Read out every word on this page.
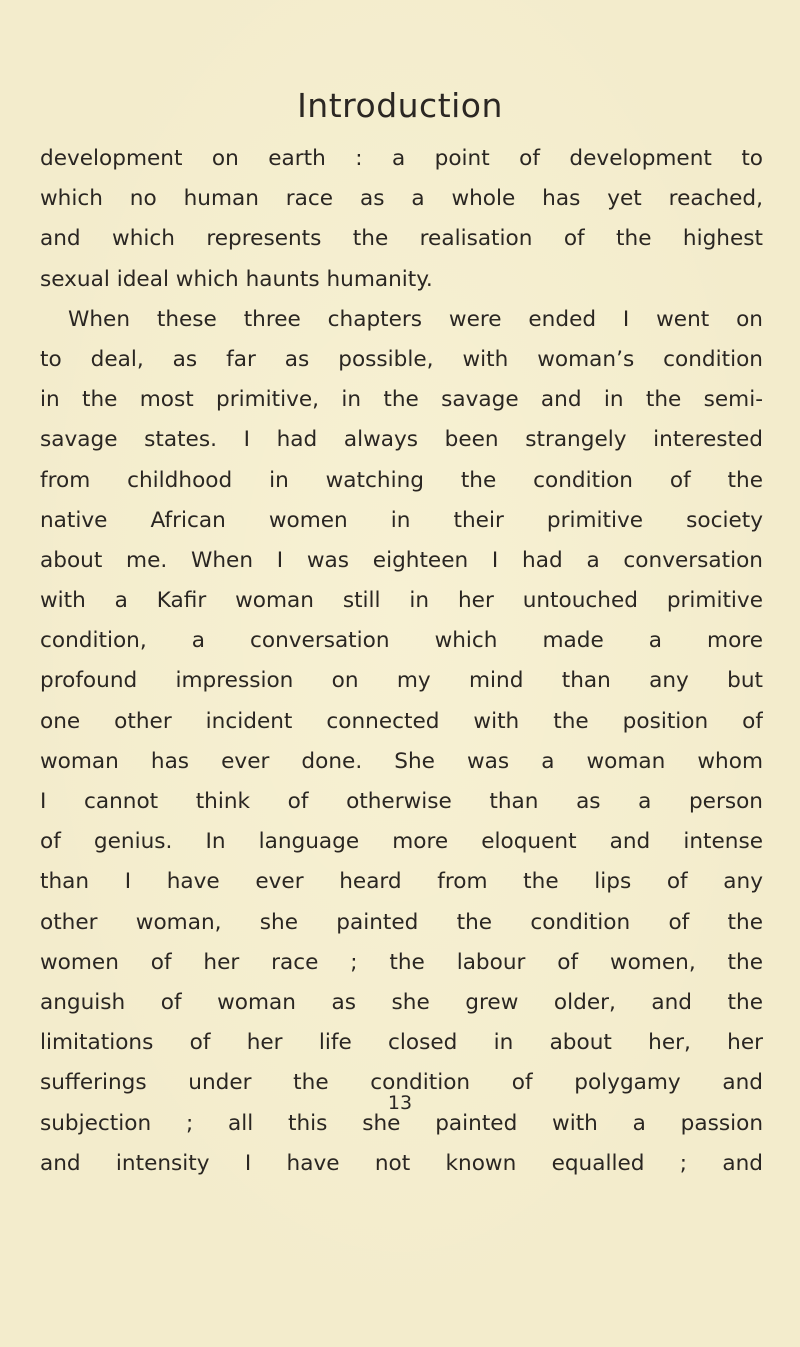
Introduction
development on earth : a point of development to
which no human race as a whole has yet reached,
and which represents the realisation of the highest
sexual ideal which haunts humanity.
When these three chapters were ended I went on
to deal, as far as possible, with woman’s condition
in the most primitive, in the savage and in the semi-
savage states. I had always been strangely interested
from childhood in watching the condition of the
native African women in their primitive society
about me. When I was eighteen I had a conversation
with a Kafir woman still in her untouched primitive
condition, a conversation which made a more
profound impression on my mind than any but
one other incident connected with the position of
woman has ever done. She was a woman whom
I cannot think of otherwise than as a person
of genius. In language more eloquent and intense
than I have ever heard from the lips of any
other woman, she painted the condition of the
women of her race ; the labour of women, the
anguish of woman as she grew older, and the
limitations of her life closed in about her, her
sufferings under the condition of polygamy and
subjection ; all this she painted with a passion
and intensity I have not known equalled ; and
13
